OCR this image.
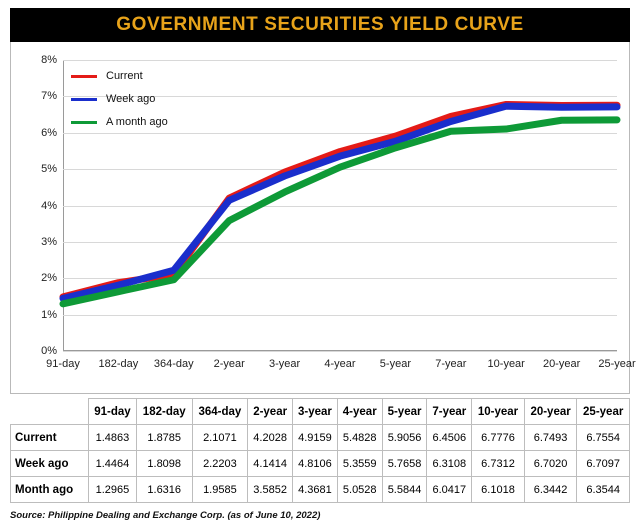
GOVERNMENT SECURITIES YIELD CURVE
0%
1%
2%
3%
4%
5%
6%
7%
8%
91-day 182-day 364-day 2-year 3-year 4-year 5-year 7-year 10-year 20-year 25-year
Current
Week ago
A month ago
	91-day	182-day	364-day	2-year	3-year	4-year	5-year	7-year	10-year	20-year	25-year
Current	1.4863	1.8785	2.1071	4.2028	4.9159	5.4828	5.9056	6.4506	6.7776	6.7493	6.7554
Week ago	1.4464	1.8098	2.2203	4.1414	4.8106	5.3559	5.7658	6.3108	6.7312	6.7020	6.7097
Month ago	1.2965	1.6316	1.9585	3.5852	4.3681	5.0528	5.5844	6.0417	6.1018	6.3442	6.3544
Source: Philippine Dealing and Exchange Corp. (as of June 10, 2022)
